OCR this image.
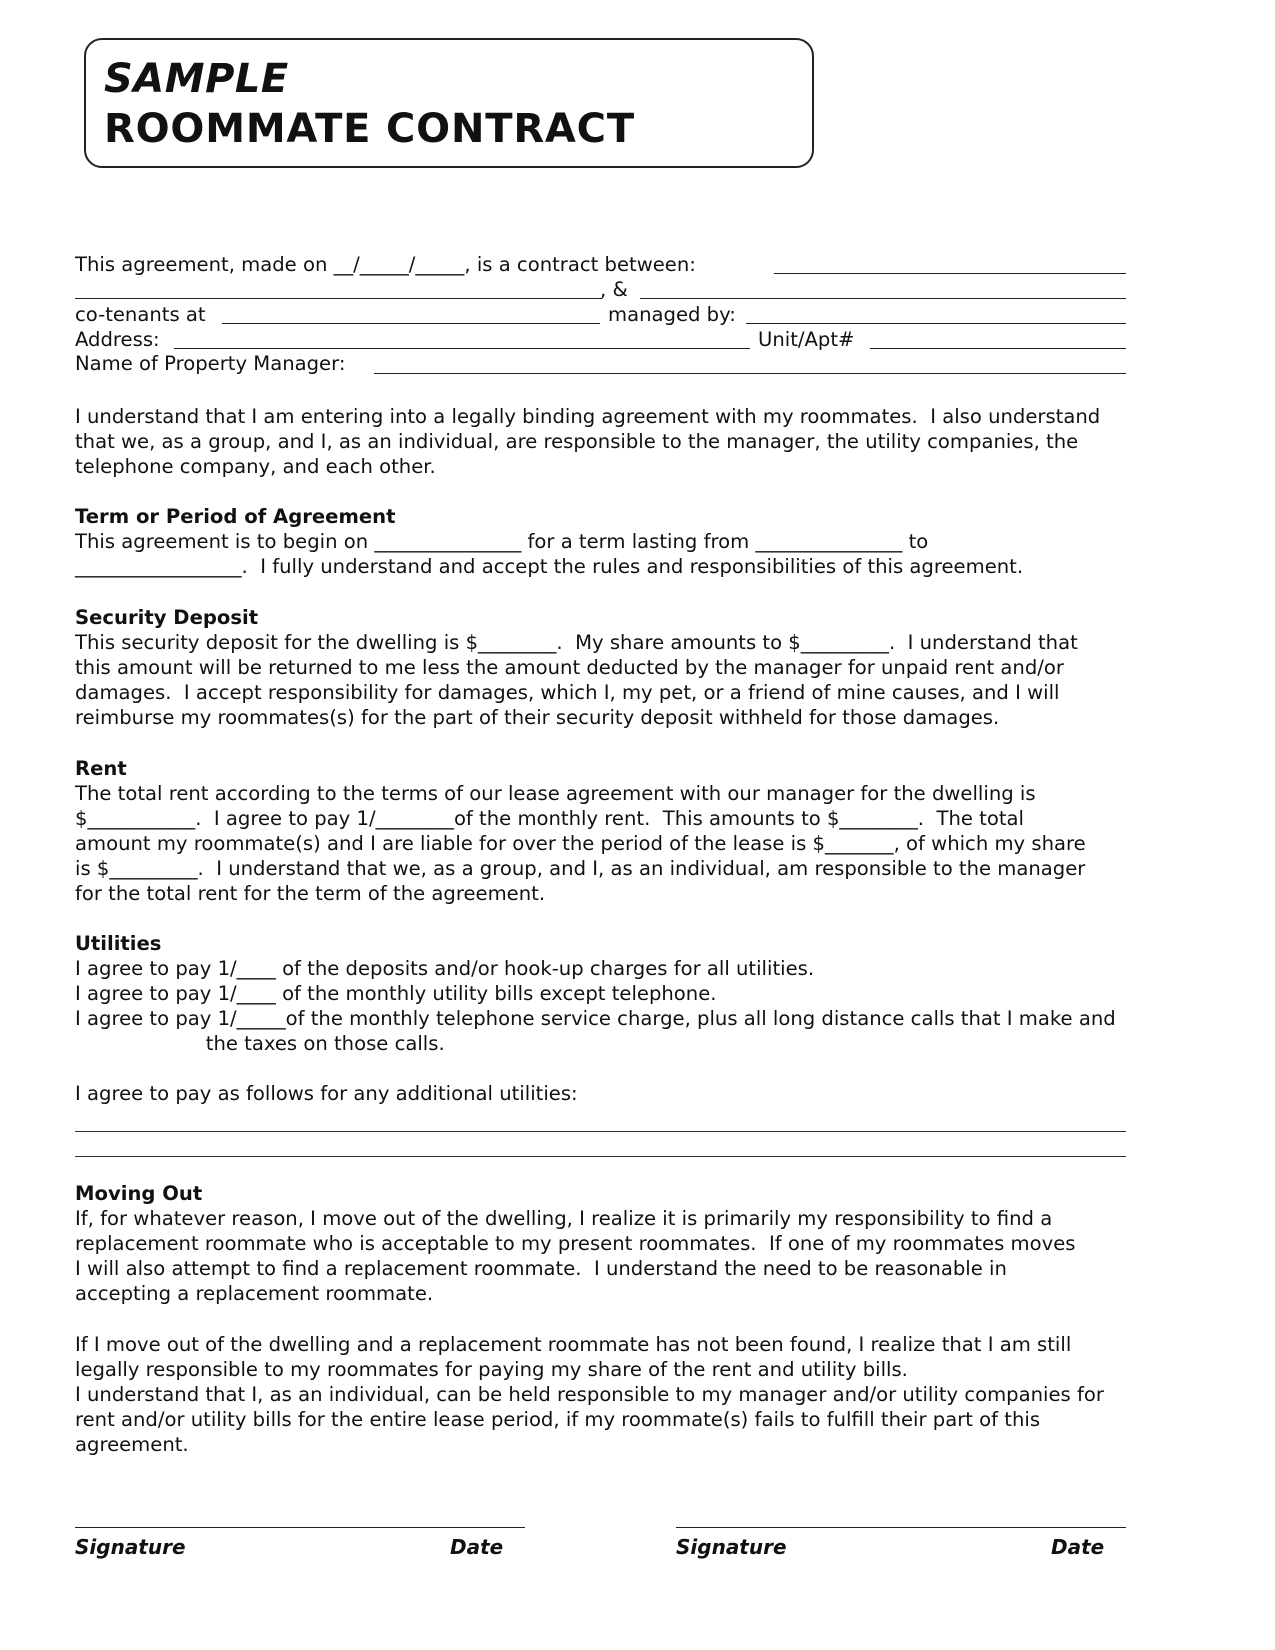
SAMPLE
ROOMMATE CONTRACT
This agreement, made on __/_____/_____, is a contract between:
, &
co-tenants at	managed by:
Address:	Unit/Apt#
Name of Property Manager:
I understand that I am entering into a legally binding agreement with my roommates.  I also understand
that we, as a group, and I, as an individual, are responsible to the manager, the utility companies, the
telephone company, and each other.
Term or Period of Agreement
This agreement is to begin on _______________ for a term lasting from _______________ to
_________________.  I fully understand and accept the rules and responsibilities of this agreement.
Security Deposit
This security deposit for the dwelling is $________.  My share amounts to $_________.  I understand that
this amount will be returned to me less the amount deducted by the manager for unpaid rent and/or
damages.  I accept responsibility for damages, which I, my pet, or a friend of mine causes, and I will
reimburse my roommates(s) for the part of their security deposit withheld for those damages.
Rent
The total rent according to the terms of our lease agreement with our manager for the dwelling is
$___________.  I agree to pay 1/________of the monthly rent.  This amounts to $________.  The total
amount my roommate(s) and I are liable for over the period of the lease is $_______, of which my share
is $_________.  I understand that we, as a group, and I, as an individual, am responsible to the manager
for the total rent for the term of the agreement.
Utilities
I agree to pay 1/____ of the deposits and/or hook-up charges for all utilities.
I agree to pay 1/____ of the monthly utility bills except telephone.
I agree to pay 1/_____of the monthly telephone service charge, plus all long distance calls that I make and
the taxes on those calls.
I agree to pay as follows for any additional utilities:
Moving Out
If, for whatever reason, I move out of the dwelling, I realize it is primarily my responsibility to find a
replacement roommate who is acceptable to my present roommates.  If one of my roommates moves
I will also attempt to find a replacement roommate.  I understand the need to be reasonable in
accepting a replacement roommate.
If I move out of the dwelling and a replacement roommate has not been found, I realize that I am still
legally responsible to my roommates for paying my share of the rent and utility bills.
I understand that I, as an individual, can be held responsible to my manager and/or utility companies for
rent and/or utility bills for the entire lease period, if my roommate(s) fails to fulfill their part of this
agreement.
Signature	Date	Signature	Date
